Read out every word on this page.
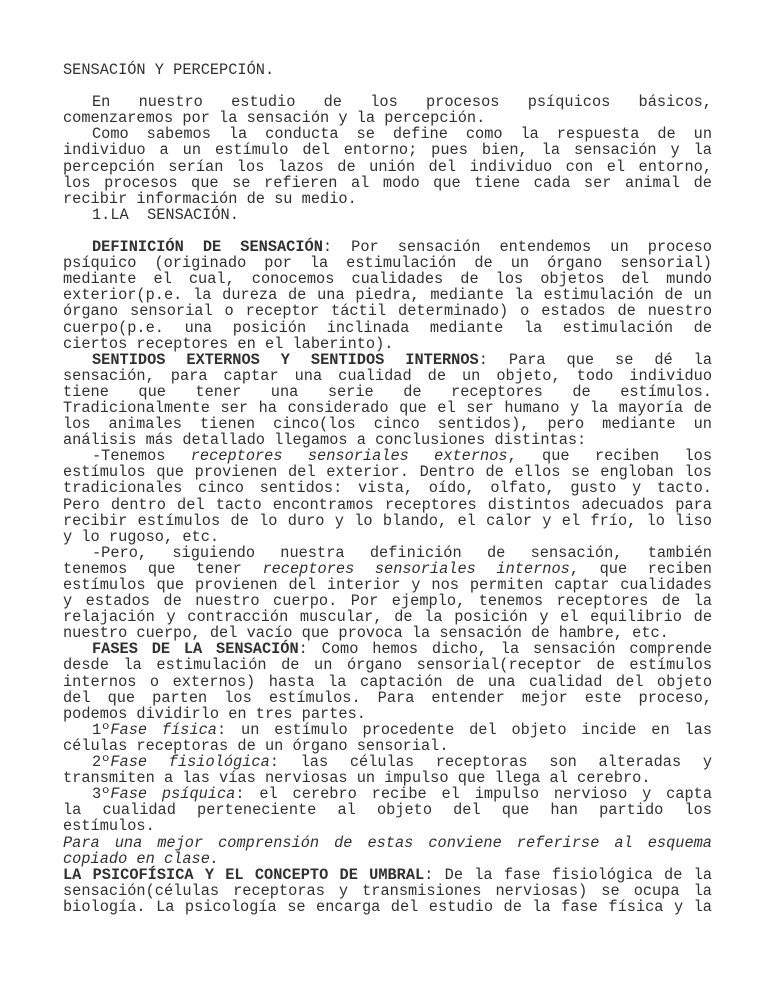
SENSACIÓN Y PERCEPCIÓN.

En nuestro estudio de los procesos psíquicos básicos,
comenzaremos por la sensación y la percepción.
Como sabemos la conducta se define como la respuesta de un
individuo a un estímulo del entorno; pues bien, la sensación y la
percepción serían los lazos de unión del individuo con el entorno,
los procesos que se refieren al modo que tiene cada ser animal de
recibir información de su medio.
1.LA  SENSACIÓN.

DEFINICIÓN DE SENSACIÓN: Por sensación entendemos un proceso
psíquico (originado por la estimulación de un órgano sensorial)
mediante el cual, conocemos cualidades de los objetos del mundo
exterior(p.e. la dureza de una piedra, mediante la estimulación de un
órgano sensorial o receptor táctil determinado) o estados de nuestro
cuerpo(p.e. una posición inclinada mediante la estimulación de
ciertos receptores en el laberinto).
SENTIDOS EXTERNOS Y SENTIDOS INTERNOS: Para que se dé la
sensación, para captar una cualidad de un objeto, todo individuo
tiene que tener una serie de receptores de estímulos.
Tradicionalmente ser ha considerado que el ser humano y la mayoría de
los animales tienen cinco(los cinco sentidos), pero mediante un
análisis más detallado llegamos a conclusiones distintas:
-Tenemos receptores sensoriales externos, que reciben los
estímulos que provienen del exterior. Dentro de ellos se engloban los
tradicionales cinco sentidos: vista, oído, olfato, gusto y tacto.
Pero dentro del tacto encontramos receptores distintos adecuados para
recibir estímulos de lo duro y lo blando, el calor y el frío, lo liso
y lo rugoso, etc.
-Pero, siguiendo nuestra definición de sensación, también
tenemos que tener receptores sensoriales internos, que reciben
estímulos que provienen del interior y nos permiten captar cualidades
y estados de nuestro cuerpo. Por ejemplo, tenemos receptores de la
relajación y contracción muscular, de la posición y el equilibrio de
nuestro cuerpo, del vacío que provoca la sensación de hambre, etc.
FASES DE LA SENSACIÓN: Como hemos dicho, la sensación comprende
desde la estimulación de un órgano sensorial(receptor de estímulos
internos o externos) hasta la captación de una cualidad del objeto
del que parten los estímulos. Para entender mejor este proceso,
podemos dividirlo en tres partes.
1ºFase física: un estímulo procedente del objeto incide en las
células receptoras de un órgano sensorial.
2ºFase fisiológica: las células receptoras son alteradas y
transmiten a las vías nerviosas un impulso que llega al cerebro.
3ºFase psíquica: el cerebro recibe el impulso nervioso y capta
la cualidad perteneciente al objeto del que han partido los
estímulos.
Para una mejor comprensión de estas conviene referirse al esquema
copiado en clase.
LA PSICOFÍSICA Y EL CONCEPTO DE UMBRAL: De la fase fisiológica de la
sensación(células receptoras y transmisiones nerviosas) se ocupa la
biología. La psicología se encarga del estudio de la fase física y la
